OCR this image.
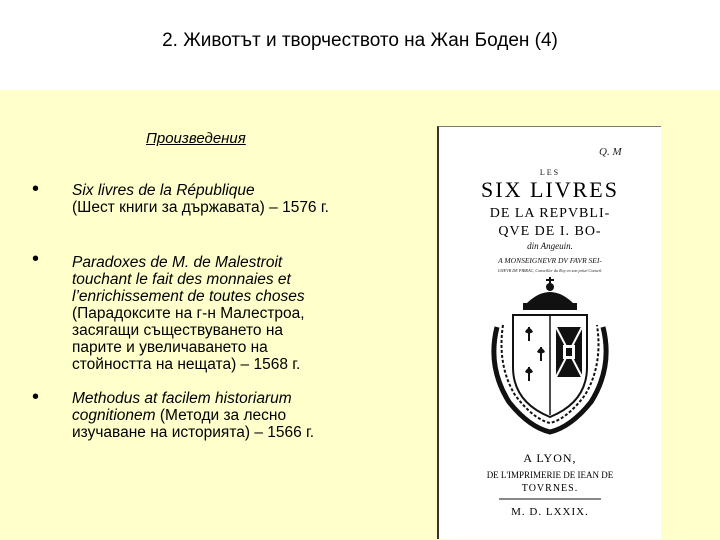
2. Животът и творчеството на Жан Боден (4)
Произведения
• Six livres de la République
(Шест книги за държавата) – 1576 г.
• Paradoxes de M. de Malestroit
touchant le fait des monnaies et
l’enrichissement de toutes choses
(Парадоксите на г-н Малестроа,
засягащи съществуването на
парите и увеличаването на
стойността на нещата) – 1568 г.
• Methodus at facilem historiarum
cognitionem (Методи за лесно
изучаване на историята) – 1566 г.
Q. M
LES
SIX LIVRES
DE LA REPVBLI-
QVE DE I. BO-
din Angeuin.
A MONSEIGNEVR DV FAVR SEI-
GNEVR DE PIBRAC, Conseiller du Roy en son priué Conseil.
A LYON,
DE L'IMPRIMERIE DE IEAN DE
TOVRNES.
M. D. LXXIX.
